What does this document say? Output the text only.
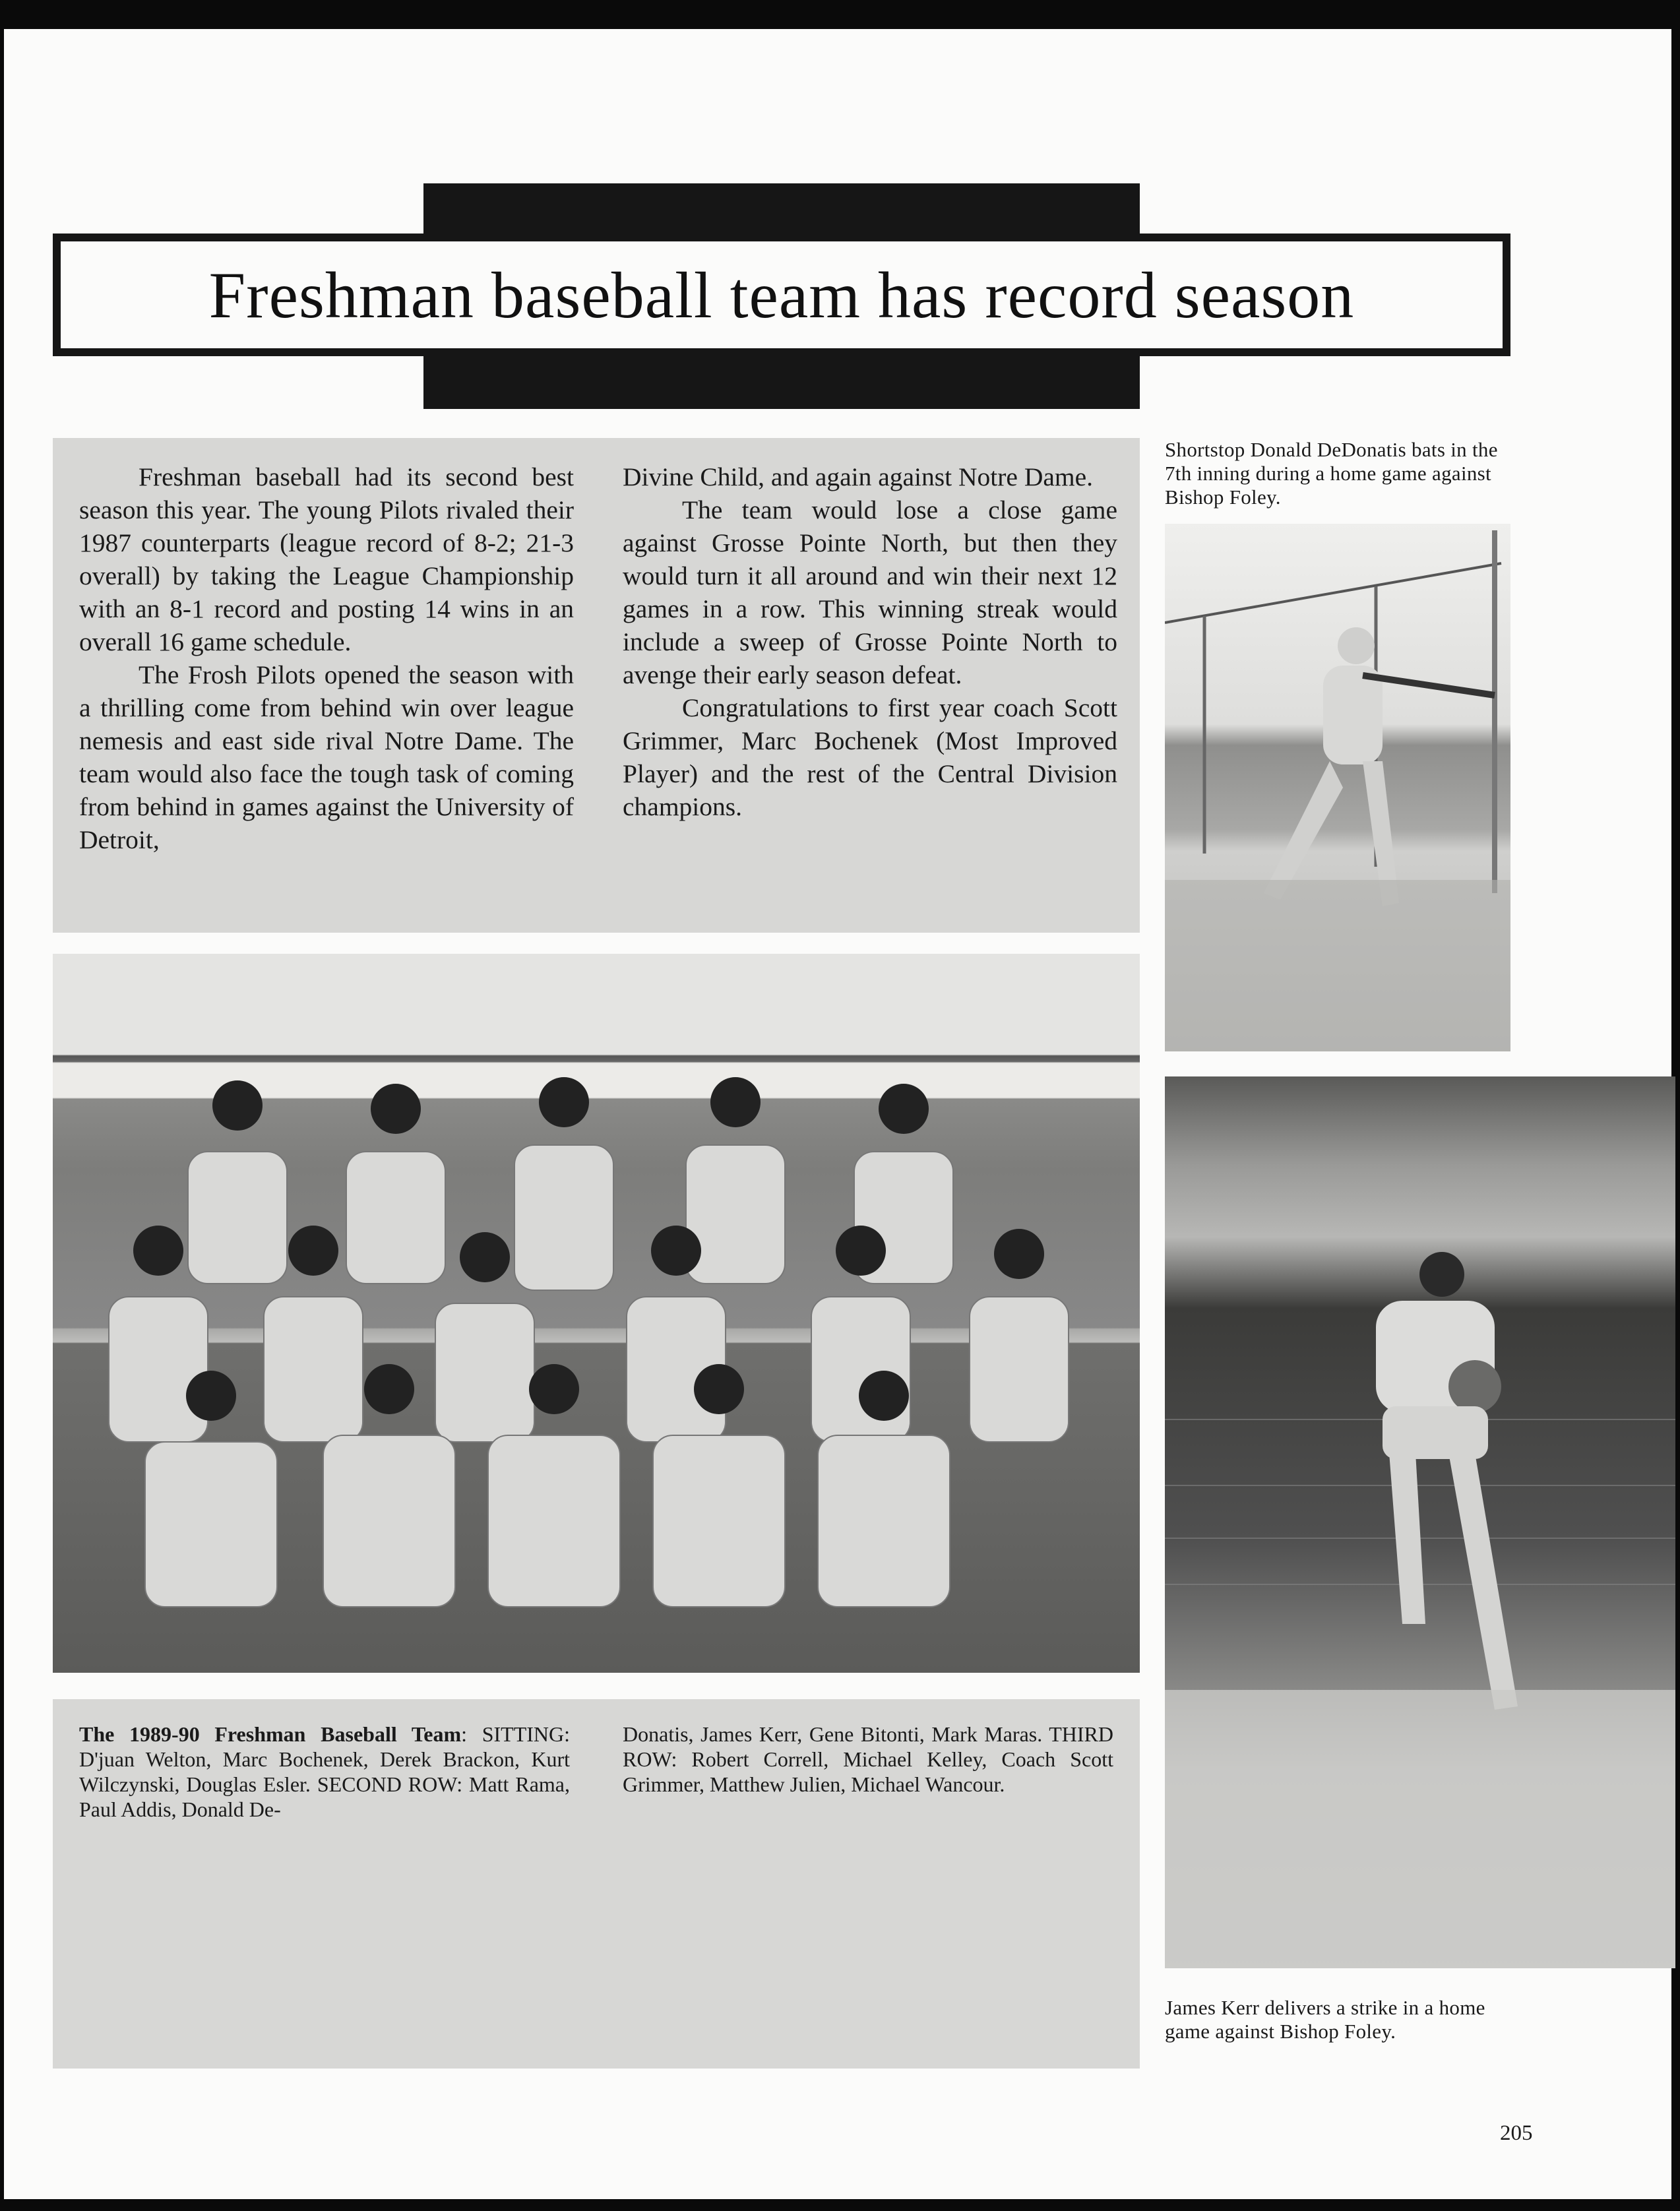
Freshman baseball team has record season

Freshman baseball had its second best season this year. The young Pilots rivaled their 1987 counterparts (league record of 8-2; 21-3 overall) by taking the League Championship with an 8-1 record and posting 14 wins in an overall 16 game schedule.

The Frosh Pilots opened the season with a thrilling come from behind win over league nemesis and east side rival Notre Dame. The team would also face the tough task of coming from behind in games against the University of Detroit,

Divine Child, and again against Notre Dame.

The team would lose a close game against Grosse Pointe North, but then they would turn it all around and win their next 12 games in a row. This winning streak would include a sweep of Grosse Pointe North to avenge their early season defeat.

Congratulations to first year coach Scott Grimmer, Marc Bochenek (Most Improved Player) and the rest of the Central Division champions.

Shortstop Donald DeDonatis bats in the 7th inning during a home game against Bishop Foley.
The 1989-90 Freshman Baseball Team: SITTING: D'juan Welton, Marc Bochenek, Derek Brackon, Kurt Wilczynski, Douglas Esler. SECOND ROW: Matt Rama, Paul Addis, Donald De-
Donatis, James Kerr, Gene Bitonti, Mark Maras. THIRD ROW: Robert Correll, Michael Kelley, Coach Scott Grimmer, Matthew Julien, Michael Wancour.
James Kerr delivers a strike in a home game against Bishop Foley.
205
